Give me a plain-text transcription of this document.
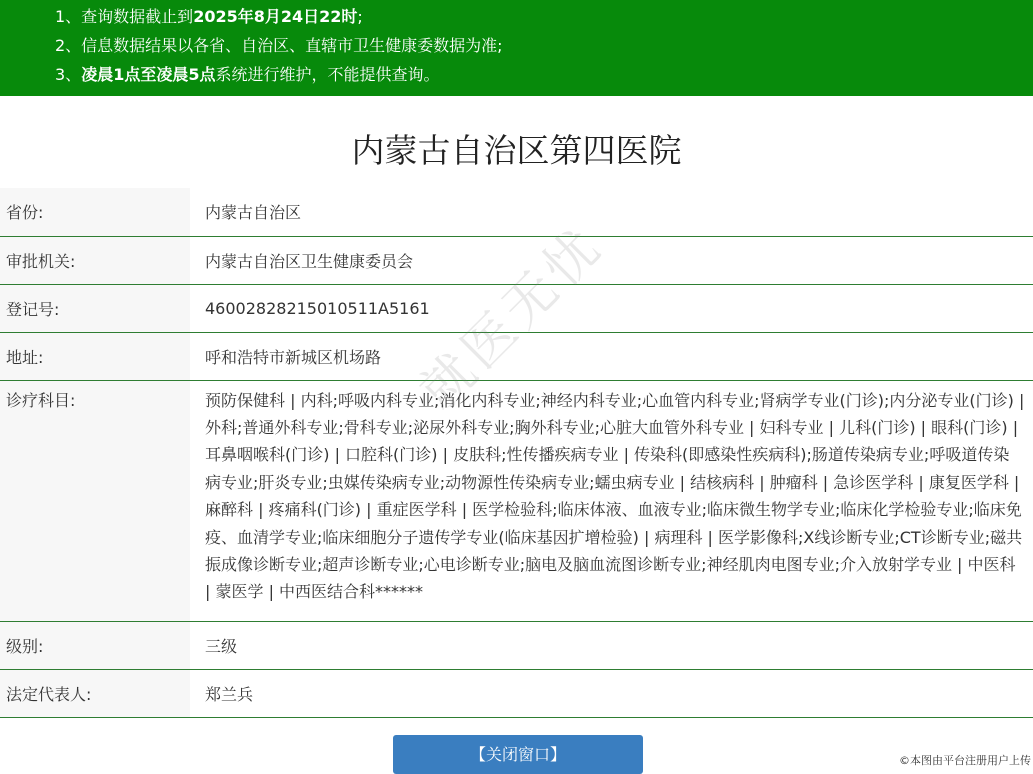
1、查询数据截止到2025年8月24日22时;
2、信息数据结果以各省、自治区、直辖市卫生健康委数据为准;
3、凌晨1点至凌晨5点系统进行维护，不能提供查询。
内蒙古自治区第四医院
省份:	内蒙古自治区
审批机关:	内蒙古自治区卫生健康委员会
登记号:	46002828215010511A5161
地址:	呼和浩特市新城区机场路
诊疗科目:	预防保健科 | 内科;呼吸内科专业;消化内科专业;神经内科专业;心血管内科专业;肾病学专业(门诊);内分泌专业(门诊) | 外科;普通外科专业;骨科专业;泌尿外科专业;胸外科专业;心脏大血管外科专业 | 妇科专业 | 儿科(门诊) | 眼科(门诊) | 耳鼻咽喉科(门诊) | 口腔科(门诊) | 皮肤科;性传播疾病专业 | 传染科(即感染性疾病科);肠道传染病专业;呼吸道传染病专业;肝炎专业;虫媒传染病专业;动物源性传染病专业;蠕虫病专业 | 结核病科 | 肿瘤科 | 急诊医学科 | 康复医学科 | 麻醉科 | 疼痛科(门诊) | 重症医学科 | 医学检验科;临床体液、血液专业;临床微生物学专业;临床化学检验专业;临床免疫、血清学专业;临床细胞分子遗传学专业(临床基因扩增检验) | 病理科 | 医学影像科;X线诊断专业;CT诊断专业;磁共振成像诊断专业;超声诊断专业;心电诊断专业;脑电及脑血流图诊断专业;神经肌肉电图专业;介入放射学专业 | 中医科 | 蒙医学 | 中西医结合科******
级别:	三级
法定代表人:	郑兰兵
【关闭窗口】
就医无忧
©本图由平台注册用户上传
